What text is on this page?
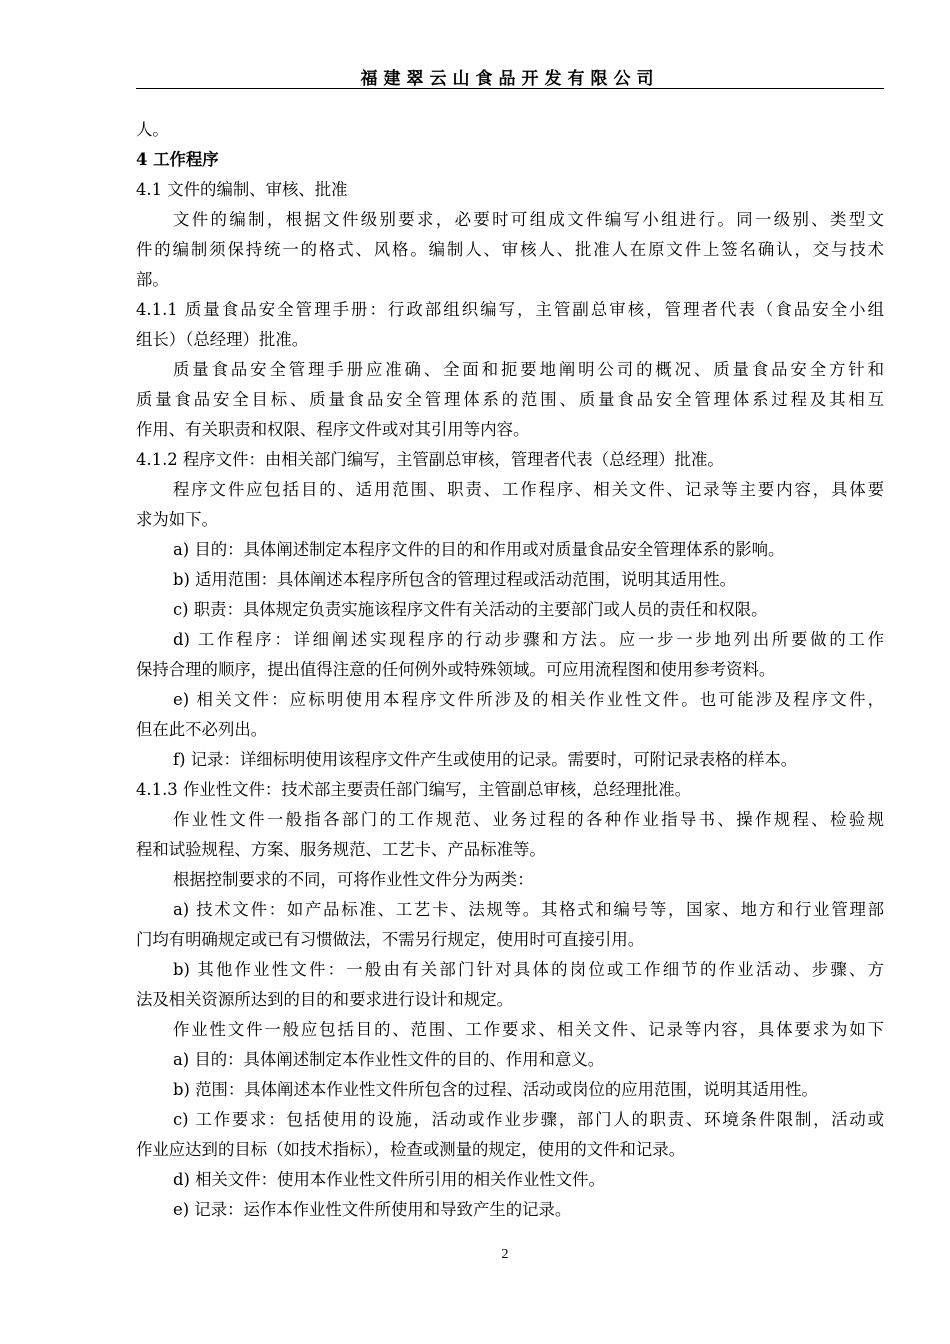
福建翠云山食品开发有限公司
人。
4 工作程序
4.1 文件的编制、审核、批准
文件的编制，根据文件级别要求，必要时可组成文件编写小组进行。同一级别、类型文
件的编制须保持统一的格式、风格。编制人、审核人、批准人在原文件上签名确认，交与技术
部。
4.1.1 质量食品安全管理手册：行政部组织编写，主管副总审核，管理者代表（食品安全小组
组长）（总经理）批准。
质量食品安全管理手册应准确、全面和扼要地阐明公司的概况、质量食品安全方针和
质量食品安全目标、质量食品安全管理体系的范围、质量食品安全管理体系过程及其相互
作用、有关职责和权限、程序文件或对其引用等内容。
4.1.2 程序文件：由相关部门编写，主管副总审核，管理者代表（总经理）批准。
程序文件应包括目的、适用范围、职责、工作程序、相关文件、记录等主要内容，具体要
求为如下。
a) 目的：具体阐述制定本程序文件的目的和作用或对质量食品安全管理体系的影响。
b) 适用范围：具体阐述本程序所包含的管理过程或活动范围，说明其适用性。
c) 职责：具体规定负责实施该程序文件有关活动的主要部门或人员的责任和权限。
d) 工作程序：详细阐述实现程序的行动步骤和方法。应一步一步地列出所要做的工作
保持合理的顺序，提出值得注意的任何例外或特殊领域。可应用流程图和使用参考资料。
e) 相关文件：应标明使用本程序文件所涉及的相关作业性文件。也可能涉及程序文件，
但在此不必列出。
f) 记录：详细标明使用该程序文件产生或使用的记录。需要时，可附记录表格的样本。
4.1.3 作业性文件：技术部主要责任部门编写，主管副总审核，总经理批准。
作业性文件一般指各部门的工作规范、业务过程的各种作业指导书、操作规程、检验规
程和试验规程、方案、服务规范、工艺卡、产品标准等。
根据控制要求的不同，可将作业性文件分为两类：
a) 技术文件：如产品标准、工艺卡、法规等。其格式和编号等，国家、地方和行业管理部
门均有明确规定或已有习惯做法，不需另行规定，使用时可直接引用。
b) 其他作业性文件：一般由有关部门针对具体的岗位或工作细节的作业活动、步骤、方
法及相关资源所达到的目的和要求进行设计和规定。
作业性文件一般应包括目的、范围、工作要求、相关文件、记录等内容，具体要求为如下
a) 目的：具体阐述制定本作业性文件的目的、作用和意义。
b) 范围：具体阐述本作业性文件所包含的过程、活动或岗位的应用范围，说明其适用性。
c) 工作要求：包括使用的设施，活动或作业步骤，部门人的职责、环境条件限制，活动或
作业应达到的目标（如技术指标），检查或测量的规定，使用的文件和记录。
d) 相关文件：使用本作业性文件所引用的相关作业性文件。
e) 记录：运作本作业性文件所使用和导致产生的记录。
2
